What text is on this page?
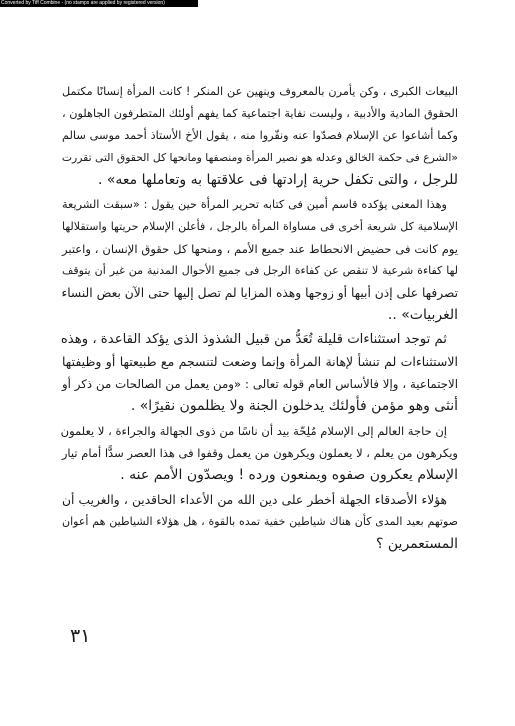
Converted by Tiff Combine - (no stamps are applied by registered version)
البيعات الكبرى ، وكن يأمرن بالمعروف وينهين عن المنكر ! كانت المرأة إنسانًا مكتمل
الحقوق المادية والأدبية ، وليست نفاية اجتماعية كما يفهم أولئك المتطرفون الجاهلون ،
وكما أشاعوا عن الإسلام فصدّوا عنه ونفّروا منه ، يقول الأخ الأستاذ أحمد موسى سالم
«الشرع فى حكمة الخالق وعدله هو نصير المرأة ومنصفها ومانحها كل الحقوق التى تقررت
للرجل ، والتى تكفل حرية إرادتها فى علاقتها به وتعاملها معه» .
وهذا المعنى يؤكده قاسم أمين فى كتابه تحرير المرأة حين يقول : «سبقت الشريعة
الإسلامية كل شريعة أخرى فى مساواة المرأة بالرجل ، فأعلن الإسلام حريتها واستقلالها
يوم كانت فى حضيض الانحطاط عند جميع الأمم ، ومنحها كل حقوق الإنسان ، واعتبر
لها كفاءة شرعية لا تنقص عن كفاءة الرجل فى جميع الأحوال المدنية من غير أن يتوقف
تصرفها على إذن أبيها أو زوجها وهذه المزايا لم تصل إليها حتى الآن بعض النساء
الغربيات» ..
ثم توجد استثناءات قليلة تُعَدُّ من قبيل الشذوذ الذى يؤكد القاعدة ، وهذه
الاستثناءات لم تنشأ لإهانة المرأة وإنما وضعت لتنسجم مع طبيعتها أو وظيفتها
الاجتماعية ، وإلا فالأساس العام قوله تعالى : «ومن يعمل من الصالحات من ذكر أو
أنثى وهو مؤمن فأولئك يدخلون الجنة ولا يظلمون نقيرًا» .
إن حاجة العالم إلى الإسلام مُلِحّة بيد أن ناسًا من ذوى الجهالة والجراءة ، لا يعلمون
ويكرهون من يعلم ، لا يعملون ويكرهون من يعمل وقفوا فى هذا العصر سدًّا أمام تيار
الإسلام يعكرون صفوه ويمنعون ورده ! ويصدّون الأمم عنه .
هؤلاء الأصدقاء الجهلة أخطر على دين الله من الأعداء الحاقدين ، والغريب أن
صوتهم بعيد المدى كأن هناك شياطين خفية تمده بالقوة ، هل هؤلاء الشياطين هم أعوان
المستعمرين ؟
٣١
